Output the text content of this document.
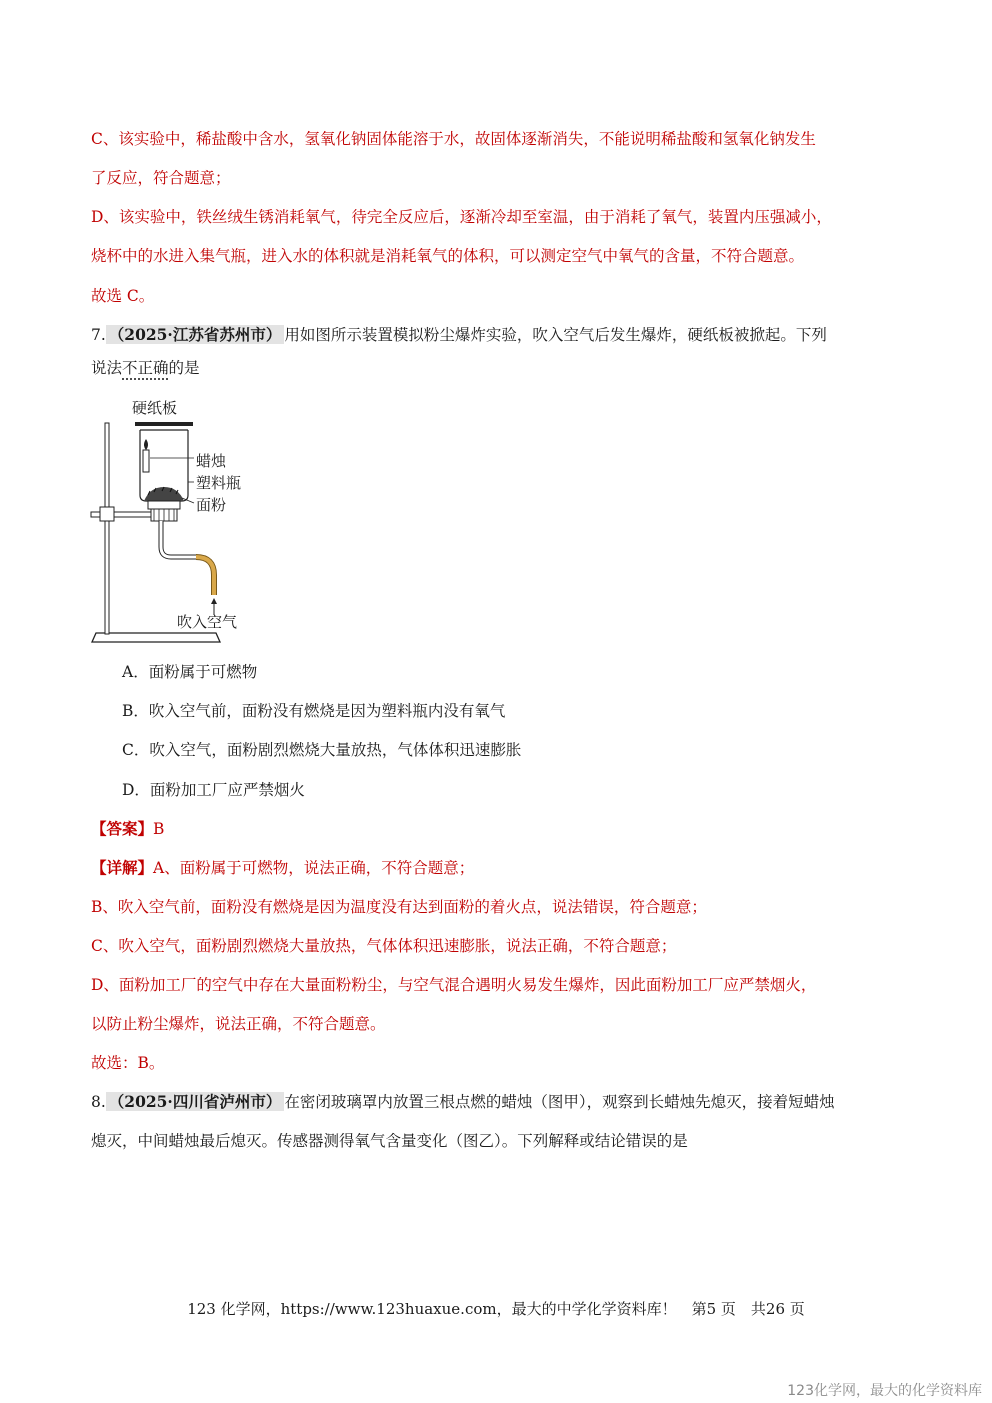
C、该实验中，稀盐酸中含水，氢氧化钠固体能溶于水，故固体逐渐消失，不能说明稀盐酸和氢氧化钠发生
了反应，符合题意；
D、该实验中，铁丝绒生锈消耗氧气，待完全反应后，逐渐冷却至室温，由于消耗了氧气，装置内压强减小，
烧杯中的水进入集气瓶，进入水的体积就是消耗氧气的体积，可以测定空气中氧气的含量，不符合题意。
故选 C。
7. （2025·江苏省苏州市） 用如图所示装置模拟粉尘爆炸实验，吹入空气后发生爆炸，硬纸板被掀起。下列
说法不正确的是
硬纸板
蜡烛
塑料瓶
面粉
吹入空气
A．面粉属于可燃物
B．吹入空气前，面粉没有燃烧是因为塑料瓶内没有氧气
C．吹入空气，面粉剧烈燃烧大量放热，气体体积迅速膨胀
D．面粉加工厂应严禁烟火
【答案】B
【详解】A、面粉属于可燃物，说法正确，不符合题意；
B、吹入空气前，面粉没有燃烧是因为温度没有达到面粉的着火点，说法错误，符合题意；
C、吹入空气，面粉剧烈燃烧大量放热，气体体积迅速膨胀，说法正确，不符合题意；
D、面粉加工厂的空气中存在大量面粉粉尘，与空气混合遇明火易发生爆炸，因此面粉加工厂应严禁烟火，
以防止粉尘爆炸，说法正确，不符合题意。
故选：B。
8. （2025·四川省泸州市） 在密闭玻璃罩内放置三根点燃的蜡烛（图甲），观察到长蜡烛先熄灭，接着短蜡烛
熄灭，中间蜡烛最后熄灭。传感器测得氧气含量变化（图乙）。下列解释或结论错误的是
123 化学网，https://www.123huaxue.com，最大的中学化学资料库！　第5 页　共26 页
123化学网，最大的化学资料库
